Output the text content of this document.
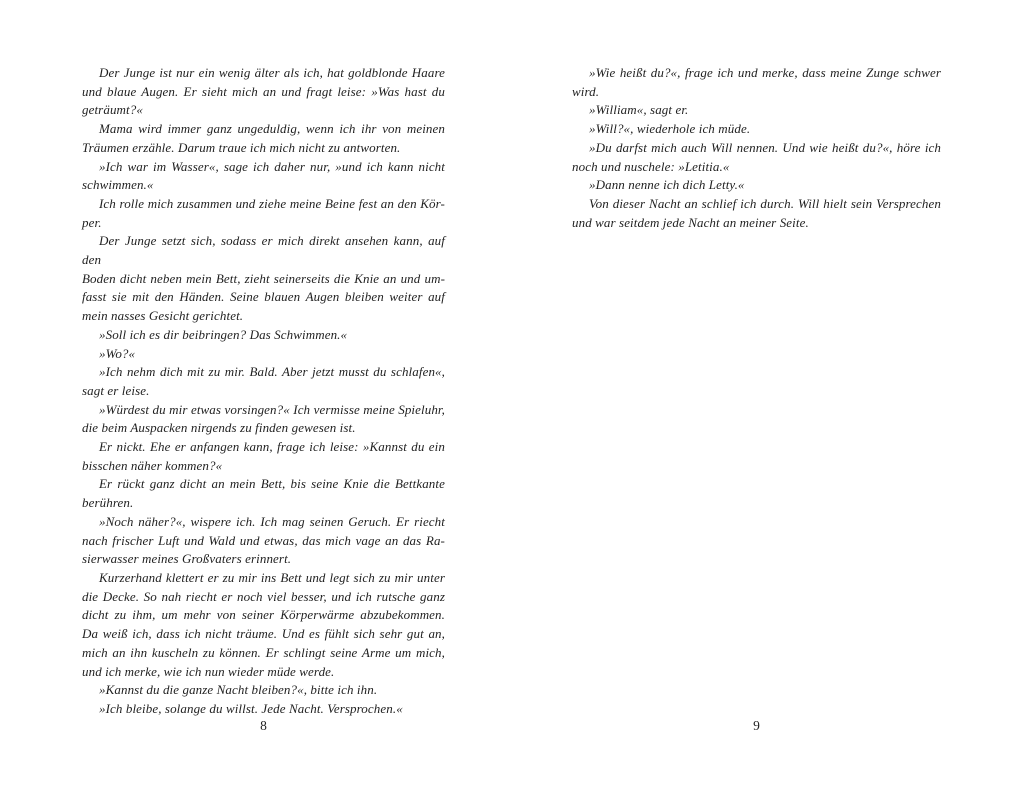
Der Junge ist nur ein wenig älter als ich, hat goldblonde Haare
und blaue Augen. Er sieht mich an und fragt leise: »Was hast du
geträumt?«

Mama wird immer ganz ungeduldig, wenn ich ihr von meinen
Träumen erzähle. Darum traue ich mich nicht zu antworten.

»Ich war im Wasser«, sage ich daher nur, »und ich kann nicht
schwimmen.«

Ich rolle mich zusammen und ziehe meine Beine fest an den Kör-
per.

Der Junge setzt sich, sodass er mich direkt ansehen kann, auf den
Boden dicht neben mein Bett, zieht seinerseits die Knie an und um-
fasst sie mit den Händen. Seine blauen Augen bleiben weiter auf
mein nasses Gesicht gerichtet.

»Soll ich es dir beibringen? Das Schwimmen.«

»Wo?«

»Ich nehm dich mit zu mir. Bald. Aber jetzt musst du schlafen«,
sagt er leise.

»Würdest du mir etwas vorsingen?« Ich vermisse meine Spieluhr,
die beim Auspacken nirgends zu finden gewesen ist.

Er nickt. Ehe er anfangen kann, frage ich leise: »Kannst du ein
bisschen näher kommen?«

Er rückt ganz dicht an mein Bett, bis seine Knie die Bettkante
berühren.

»Noch näher?«, wispere ich. Ich mag seinen Geruch. Er riecht
nach frischer Luft und Wald und etwas, das mich vage an das Ra-
sierwasser meines Großvaters erinnert.

Kurzerhand klettert er zu mir ins Bett und legt sich zu mir unter
die Decke. So nah riecht er noch viel besser, und ich rutsche ganz
dicht zu ihm, um mehr von seiner Körperwärme abzubekommen.
Da weiß ich, dass ich nicht träume. Und es fühlt sich sehr gut an,
mich an ihn kuscheln zu können. Er schlingt seine Arme um mich,
und ich merke, wie ich nun wieder müde werde.

»Kannst du die ganze Nacht bleiben?«, bitte ich ihn.

»Ich bleibe, solange du willst. Jede Nacht. Versprochen.«

»Wie heißt du?«, frage ich und merke, dass meine Zunge schwer
wird.

»William«, sagt er.

»Will?«, wiederhole ich müde.

»Du darfst mich auch Will nennen. Und wie heißt du?«, höre ich
noch und nuschele: »Letitia.«

»Dann nenne ich dich Letty.«

Von dieser Nacht an schlief ich durch. Will hielt sein Versprechen
und war seitdem jede Nacht an meiner Seite.

8	9
